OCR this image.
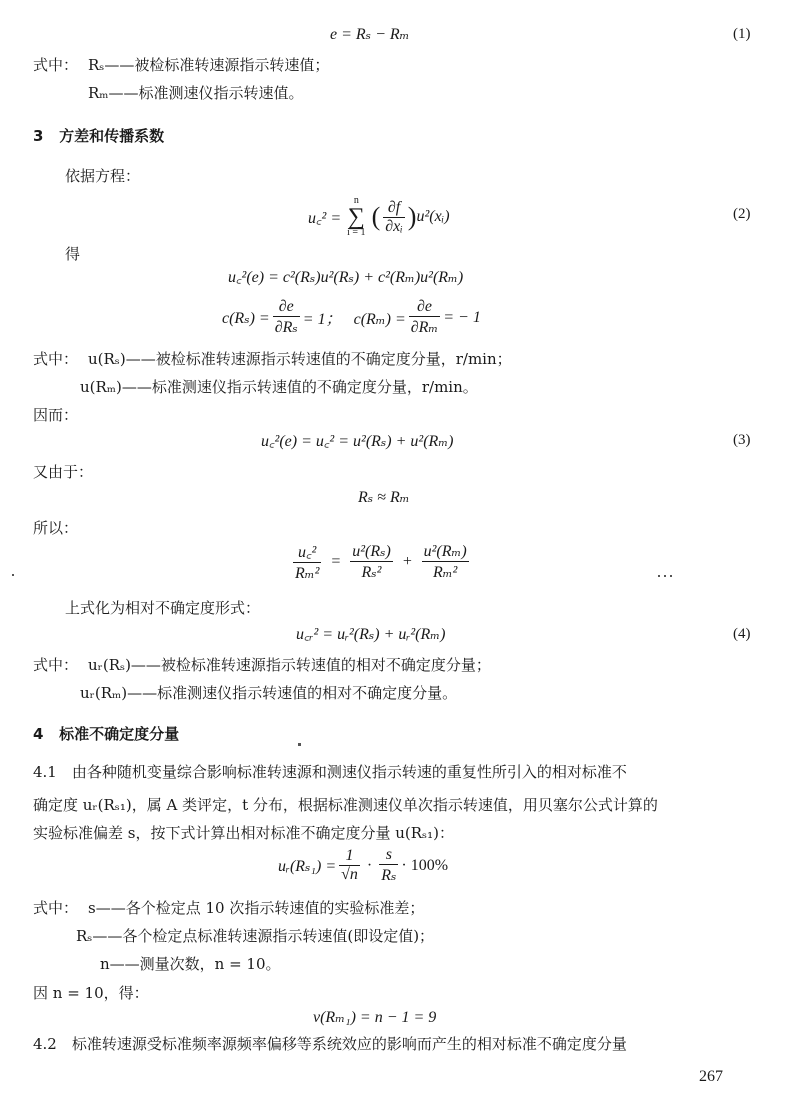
e = Rₛ − Rₘ	(1)
式中： Rₛ——被检标准转速源指示转速值；
Rₘ——标准测速仪指示转速值。
3 方差和传播系数
依据方程：
u꜀² =
n
∑
i = 1
( $\frac{\partial f}{\text{∂xᵢ}}$ ) u²(xᵢ)	(2)
得
u꜀²(e) = c²(Rₛ)u²(Rₛ) + c²(Rₘ)u²(Rₘ)
$c(R_s) = \frac{\partial e}{\text{∂Rₛ}} = 1$；   $c(R_m) = \frac{\partial e}{\text{∂Rₘ}}$ = − 1
式中： u(Rₛ)——被检标准转速源指示转速值的不确定度分量，r/min；
u(Rₘ)——标准测速仪指示转速值的不确定度分量，r/min。
因而：
u꜀²(e) = u꜀² = u²(Rₛ) + u²(Rₘ)	(3)
又由于：
Rₛ ≈ Rₘ
所以：
$\frac{\text{u꜀²}}{\text{Rₘ²}} = \frac{\text{u²(Rₛ)}}{\text{Rₛ²}} + \frac{\text{u²(Rₘ)}}{\text{Rₘ²}}$
上式化为相对不确定度形式：
u꜀ᵣ² = uᵣ²(Rₛ) + uᵣ²(Rₘ)	(4)
式中： uᵣ(Rₛ)——被检标准转速源指示转速值的相对不确定度分量；
uᵣ(Rₘ)——标准测速仪指示转速值的相对不确定度分量。
4 标准不确定度分量
4.1　由各种随机变量综合影响标准转速源和测速仪指示转速的重复性所引入的相对标准不
确定度 uᵣ(Rₛ₁)，属 A 类评定，t 分布，根据标准测速仪单次指示转速值，用贝塞尔公式计算的
实验标准偏差 s，按下式计算出相对标准不确定度分量 u(Rₛ₁)：
uᵣ(Rₛ₁) = $\frac{1}{√n} \cdot \frac{s}{\text{Rₛ}} \cdot 100\%$
式中： s——各个检定点 10 次指示转速值的实验标准差；
Rₛ——各个检定点标准转速源指示转速值(即设定值)；
n——测量次数，n = 10。
因 n = 10，得：
ν(Rₘ₁) = n − 1 = 9
4.2　标准转速源受标准频率源频率偏移等系统效应的影响而产生的相对标准不确定度分量
267
